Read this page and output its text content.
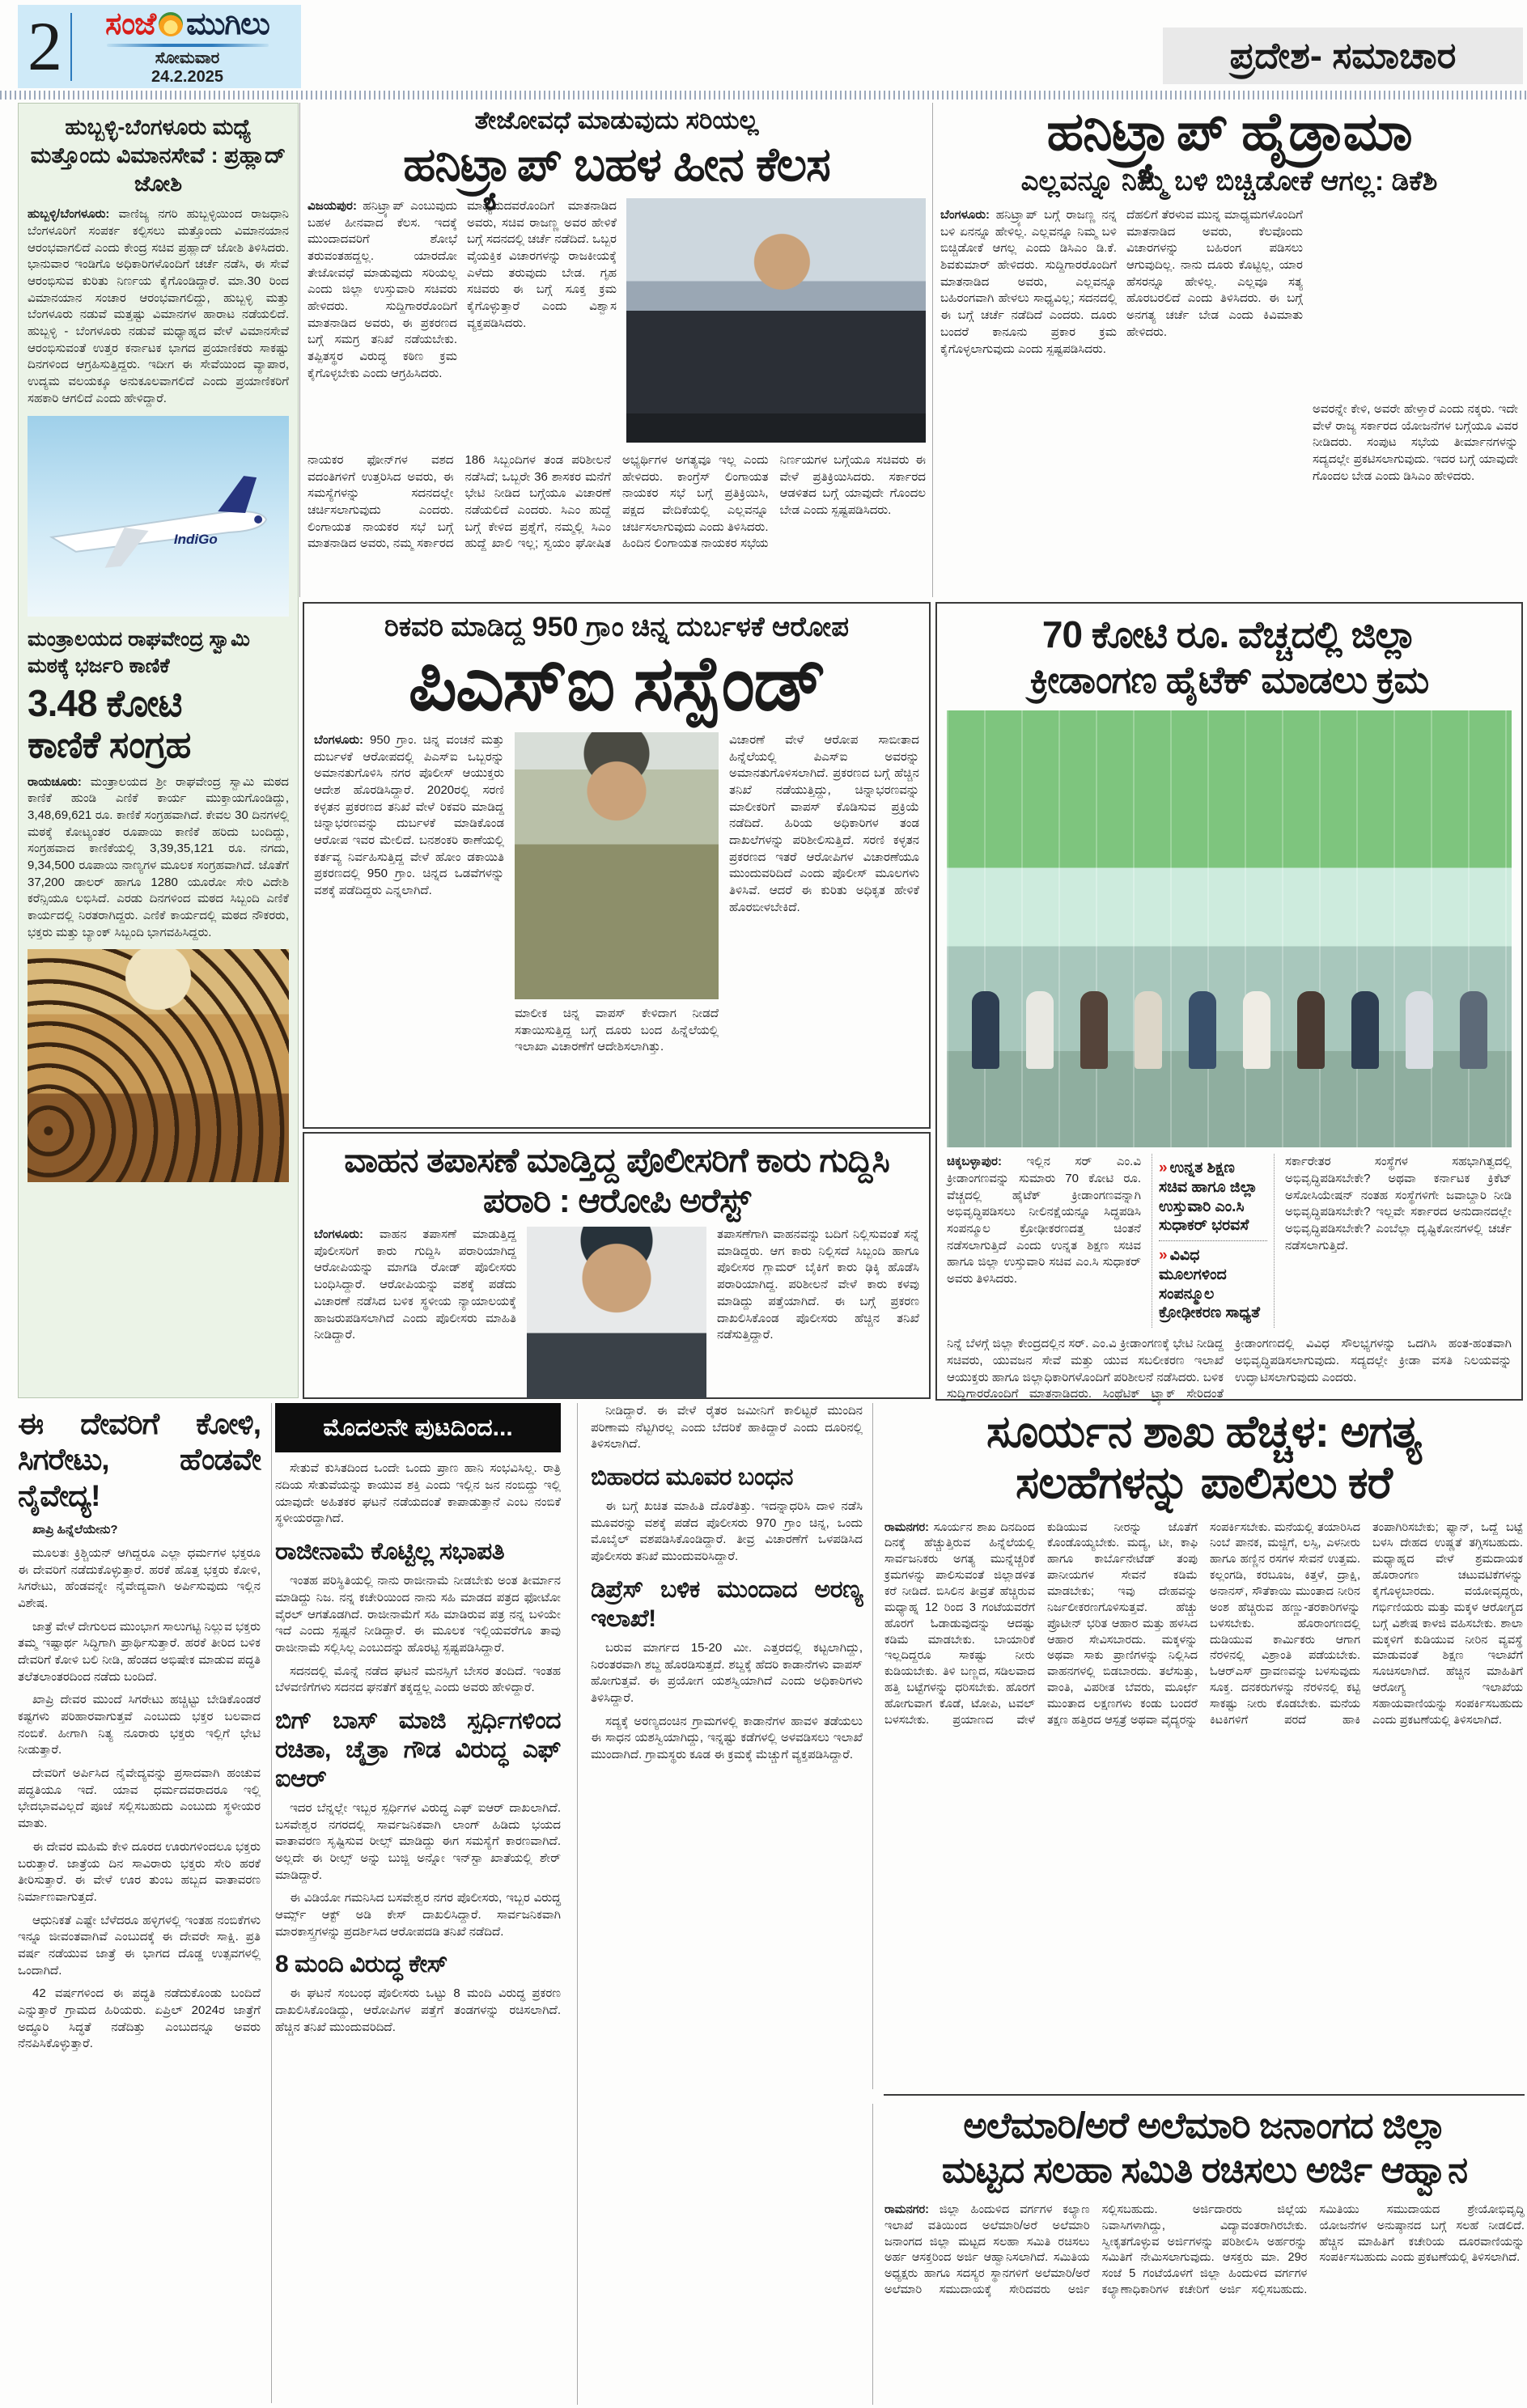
2 ಸಂಜೆ ಮುಗಿಲು
ಸೋಮವಾರ
24.2.2025
ಪ್ರದೇಶ- ಸಮಾಚಾರ
ಹುಬ್ಬಳ್ಳಿ-ಬೆಂಗಳೂರು ಮಧ್ಯೆ ಮತ್ತೊಂದು ವಿಮಾನಸೇವೆ : ಪ್ರಹ್ಲಾದ್ ಜೋಶಿ
ಹುಬ್ಬಳ್ಳಿ/ಬೆಂಗಳೂರು: ವಾಣಿಜ್ಯ ನಗರಿ ಹುಬ್ಬಳ್ಳಿಯಿಂದ ರಾಜಧಾನಿ ಬೆಂಗಳೂರಿಗೆ ಸಂಪರ್ಕ ಕಲ್ಪಿಸಲು ಮತ್ತೊಂದು ವಿಮಾನಯಾನ ಆರಂಭವಾಗಲಿದೆ ಎಂದು ಕೇಂದ್ರ ಸಚಿವ ಪ್ರಹ್ಲಾದ್ ಜೋಶಿ ತಿಳಿಸಿದರು. ಭಾನುವಾರ ಇಂಡಿಗೊ ಅಧಿಕಾರಿಗಳೊಂದಿಗೆ ಚರ್ಚೆ ನಡೆಸಿ, ಈ ಸೇವೆ ಆರಂಭಿಸುವ ಕುರಿತು ನಿರ್ಣಯ ಕೈಗೊಂಡಿದ್ದಾರೆ. ಮಾ.30 ರಿಂದ ವಿಮಾನಯಾನ ಸಂಚಾರ ಆರಂಭವಾಗಲಿದ್ದು, ಹುಬ್ಬಳ್ಳಿ ಮತ್ತು ಬೆಂಗಳೂರು ನಡುವೆ ಮತ್ತಷ್ಟು ವಿಮಾನಗಳ ಹಾರಾಟ ನಡೆಯಲಿದೆ. ಹುಬ್ಬಳ್ಳಿ - ಬೆಂಗಳೂರು ನಡುವೆ ಮಧ್ಯಾಹ್ನದ ವೇಳೆ ವಿಮಾನಸೇವೆ ಆರಂಭಿಸುವಂತೆ ಉತ್ತರ ಕರ್ನಾಟಕ ಭಾಗದ ಪ್ರಯಾಣಿಕರು ಸಾಕಷ್ಟು ದಿನಗಳಿಂದ ಆಗ್ರಹಿಸುತ್ತಿದ್ದರು. ಇದೀಗ ಈ ಸೇವೆಯಿಂದ ವ್ಯಾಪಾರ, ಉದ್ಯಮ ವಲಯಕ್ಕೂ ಅನುಕೂಲವಾಗಲಿದೆ ಎಂದು ಪ್ರಯಾಣಿಕರಿಗೆ ಸಹಕಾರಿ ಆಗಲಿದೆ ಎಂದು ಹೇಳಿದ್ದಾರೆ.
IndiGo
ಮಂತ್ರಾಲಯದ ರಾಘವೇಂದ್ರ ಸ್ವಾಮಿ ಮಠಕ್ಕೆ ಭರ್ಜರಿ ಕಾಣಿಕೆ
3.48 ಕೋಟಿ
ಕಾಣಿಕೆ ಸಂಗ್ರಹ
ರಾಯಚೂರು: ಮಂತ್ರಾಲಯದ ಶ್ರೀ ರಾಘವೇಂದ್ರ ಸ್ವಾಮಿ ಮಠದ ಕಾಣಿಕೆ ಹುಂಡಿ ಎಣಿಕೆ ಕಾರ್ಯ ಮುಕ್ತಾಯಗೊಂಡಿದ್ದು, 3,48,69,621 ರೂ. ಕಾಣಿಕೆ ಸಂಗ್ರಹವಾಗಿದೆ. ಕೇವಲ 30 ದಿನಗಳಲ್ಲಿ ಮಠಕ್ಕೆ ಕೋಟ್ಯಂತರ ರೂಪಾಯಿ ಕಾಣಿಕೆ ಹರಿದು ಬಂದಿದ್ದು, ಸಂಗ್ರಹವಾದ ಕಾಣಿಕೆಯಲ್ಲಿ 3,39,35,121 ರೂ. ನಗದು, 9,34,500 ರೂಪಾಯಿ ನಾಣ್ಯಗಳ ಮೂಲಕ ಸಂಗ್ರಹವಾಗಿದೆ. ಜೊತೆಗೆ 37,200 ಡಾಲರ್ ಹಾಗೂ 1280 ಯೂರೋ ಸೇರಿ ವಿದೇಶಿ ಕರೆನ್ಸಿಯೂ ಲಭಿಸಿದೆ. ಎರಡು ದಿನಗಳಿಂದ ಮಠದ ಸಿಬ್ಬಂದಿ ಎಣಿಕೆ ಕಾರ್ಯದಲ್ಲಿ ನಿರತರಾಗಿದ್ದರು. ಎಣಿಕೆ ಕಾರ್ಯದಲ್ಲಿ ಮಠದ ನೌಕರರು, ಭಕ್ತರು ಮತ್ತು ಬ್ಯಾಂಕ್ ಸಿಬ್ಬಂದಿ ಭಾಗವಹಿಸಿದ್ದರು.
ತೇಜೋವಧೆ ಮಾಡುವುದು ಸರಿಯಲ್ಲ
ಹನಿಟ್ರ್ಯಾಪ್ ಬಹಳ ಹೀನ ಕೆಲಸ
ವಿಜಯಪುರ: ಹನಿಟ್ರ್ಯಾಪ್ ಎಂಬುವುದು ಬಹಳ ಹೀನವಾದ ಕೆಲಸ. ಇದಕ್ಕೆ ಮುಂದಾದವರಿಗೆ ಶೋಭೆ ತರುವಂತಹದ್ದಲ್ಲ. ಯಾರದೋ ತೇಜೋವಧೆ ಮಾಡುವುದು ಸರಿಯಲ್ಲ ಎಂದು ಜಿಲ್ಲಾ ಉಸ್ತುವಾರಿ ಸಚಿವರು ಹೇಳಿದರು. ಸುದ್ದಿಗಾರರೊಂದಿಗೆ ಮಾತನಾಡಿದ ಅವರು, ಈ ಪ್ರಕರಣದ ಬಗ್ಗೆ ಸಮಗ್ರ ತನಿಖೆ ನಡೆಯಬೇಕು. ತಪ್ಪಿತಸ್ಥರ ವಿರುದ್ಧ ಕಠಿಣ ಕ್ರಮ ಕೈಗೊಳ್ಳಬೇಕು ಎಂದು ಆಗ್ರಹಿಸಿದರು.
ಮಾಧ್ಯಮದವರೊಂದಿಗೆ ಮಾತನಾಡಿದ ಅವರು, ಸಚಿವ ರಾಜಣ್ಣ ಅವರ ಹೇಳಿಕೆ ಬಗ್ಗೆ ಸದನದಲ್ಲಿ ಚರ್ಚೆ ನಡೆದಿದೆ. ಒಬ್ಬರ ವೈಯಕ್ತಿಕ ವಿಚಾರಗಳನ್ನು ರಾಜಕೀಯಕ್ಕೆ ಎಳೆದು ತರುವುದು ಬೇಡ. ಗೃಹ ಸಚಿವರು ಈ ಬಗ್ಗೆ ಸೂಕ್ತ ಕ್ರಮ ಕೈಗೊಳ್ಳುತ್ತಾರೆ ಎಂದು ವಿಶ್ವಾಸ ವ್ಯಕ್ತಪಡಿಸಿದರು.
ನಾಯಕರ ಫೋನ್‌ಗಳ ವಶದ ವದಂತಿಗಳಿಗೆ ಉತ್ತರಿಸಿದ ಅವರು, ಈ ಸಮಸ್ಯೆಗಳನ್ನು ಸದನದಲ್ಲೇ ಚರ್ಚಿಸಲಾಗುವುದು ಎಂದರು. ಲಿಂಗಾಯತ ನಾಯಕರ ಸಭೆ ಬಗ್ಗೆ ಮಾತನಾಡಿದ ಅವರು, ನಮ್ಮ ಸರ್ಕಾರದ 186 ಸಿಬ್ಬಂದಿಗಳ ತಂಡ ಪರಿಶೀಲನೆ ನಡೆಸಿದೆ; ಒಬ್ಬರೇ 36 ಶಾಸಕರ ಮನೆಗೆ ಭೇಟಿ ನೀಡಿದ ಬಗ್ಗೆಯೂ ವಿಚಾರಣೆ ನಡೆಯಲಿದೆ ಎಂದರು. ಸಿಎಂ ಹುದ್ದೆ ಬಗ್ಗೆ ಕೇಳಿದ ಪ್ರಶ್ನೆಗೆ, ನಮ್ಮಲ್ಲಿ ಸಿಎಂ ಹುದ್ದೆ ಖಾಲಿ ಇಲ್ಲ; ಸ್ವಯಂ ಘೋಷಿತ ಅಭ್ಯರ್ಥಿಗಳ ಅಗತ್ಯವೂ ಇಲ್ಲ ಎಂದು ಹೇಳಿದರು. ಕಾಂಗ್ರೆಸ್ ಲಿಂಗಾಯತ ನಾಯಕರ ಸಭೆ ಬಗ್ಗೆ ಪ್ರತಿಕ್ರಿಯಿಸಿ, ಪಕ್ಷದ ವೇದಿಕೆಯಲ್ಲಿ ಎಲ್ಲವನ್ನೂ ಚರ್ಚಿಸಲಾಗುವುದು ಎಂದು ತಿಳಿಸಿದರು. ಹಿಂದಿನ ಲಿಂಗಾಯತ ನಾಯಕರ ಸಭೆಯ ನಿರ್ಣಯಗಳ ಬಗ್ಗೆಯೂ ಸಚಿವರು ಈ ವೇಳೆ ಪ್ರತಿಕ್ರಿಯಿಸಿದರು. ಸರ್ಕಾರದ ಆಡಳಿತದ ಬಗ್ಗೆ ಯಾವುದೇ ಗೊಂದಲ ಬೇಡ ಎಂದು ಸ್ಪಷ್ಟಪಡಿಸಿದರು.
ಹನಿಟ್ರ್ಯಾಪ್ ಹೈಡ್ರಾಮಾ
ಎಲ್ಲವನ್ನೂ ನಿಮ್ಮ ಬಳಿ ಬಿಚ್ಚಿಡೋಕೆ ಆಗಲ್ಲ: ಡಿಕೆಶಿ
ಬೆಂಗಳೂರು: ಹನಿಟ್ರ್ಯಾಪ್ ಬಗ್ಗೆ ರಾಜಣ್ಣ ನನ್ನ ಬಳಿ ಏನನ್ನೂ ಹೇಳಿಲ್ಲ. ಎಲ್ಲವನ್ನೂ ನಿಮ್ಮ ಬಳಿ ಬಿಚ್ಚಿಡೋಕೆ ಆಗಲ್ಲ ಎಂದು ಡಿಸಿಎಂ ಡಿ.ಕೆ. ಶಿವಕುಮಾರ್ ಹೇಳಿದರು. ಸುದ್ದಿಗಾರರೊಂದಿಗೆ ಮಾತನಾಡಿದ ಅವರು, ಎಲ್ಲವನ್ನೂ ಬಹಿರಂಗವಾಗಿ ಹೇಳಲು ಸಾಧ್ಯವಿಲ್ಲ; ಸದನದಲ್ಲಿ ಈ ಬಗ್ಗೆ ಚರ್ಚೆ ನಡೆದಿದೆ ಎಂದರು. ದೂರು ಬಂದರೆ ಕಾನೂನು ಪ್ರಕಾರ ಕ್ರಮ ಕೈಗೊಳ್ಳಲಾಗುವುದು ಎಂದು ಸ್ಪಷ್ಟಪಡಿಸಿದರು.
ದೆಹಲಿಗೆ ತೆರಳುವ ಮುನ್ನ ಮಾಧ್ಯಮಗಳೊಂದಿಗೆ ಮಾತನಾಡಿದ ಅವರು, ಕೆಲವೊಂದು ವಿಚಾರಗಳನ್ನು ಬಹಿರಂಗ ಪಡಿಸಲು ಆಗುವುದಿಲ್ಲ. ನಾನು ದೂರು ಕೊಟ್ಟಿಲ್ಲ, ಯಾರ ಹೆಸರನ್ನೂ ಹೇಳಿಲ್ಲ. ಎಲ್ಲವೂ ಸತ್ಯ ಹೊರಬರಲಿದೆ ಎಂದು ತಿಳಿಸಿದರು. ಈ ಬಗ್ಗೆ ಅನಗತ್ಯ ಚರ್ಚೆ ಬೇಡ ಎಂದು ಕಿವಿಮಾತು ಹೇಳಿದರು.
ಅವರನ್ನೇ ಕೇಳಿ, ಅವರೇ ಹೇಳ್ತಾರೆ ಎಂದು ನಕ್ಕರು. ಇದೇ ವೇಳೆ ರಾಜ್ಯ ಸರ್ಕಾರದ ಯೋಜನೆಗಳ ಬಗ್ಗೆಯೂ ವಿವರ ನೀಡಿದರು. ಸಂಪುಟ ಸಭೆಯ ತೀರ್ಮಾನಗಳನ್ನು ಸದ್ಯದಲ್ಲೇ ಪ್ರಕಟಿಸಲಾಗುವುದು. ಇದರ ಬಗ್ಗೆ ಯಾವುದೇ ಗೊಂದಲ ಬೇಡ ಎಂದು ಡಿಸಿಎಂ ಹೇಳಿದರು.
ರಿಕವರಿ ಮಾಡಿದ್ದ 950 ಗ್ರಾಂ ಚಿನ್ನ ದುರ್ಬಳಕೆ ಆರೋಪ
ಪಿಎಸ್ಐ ಸಸ್ಪೆಂಡ್
ಬೆಂಗಳೂರು: 950 ಗ್ರಾಂ. ಚಿನ್ನ ವಂಚನೆ ಮತ್ತು ದುರ್ಬಳಕೆ ಆರೋಪದಲ್ಲಿ ಪಿಎಸ್ಐ ಒಬ್ಬರನ್ನು ಅಮಾನತುಗೊಳಿಸಿ ನಗರ ಪೊಲೀಸ್ ಆಯುಕ್ತರು ಆದೇಶ ಹೊರಡಿಸಿದ್ದಾರೆ. 2020ರಲ್ಲಿ ಸರಣಿ ಕಳ್ಳತನ ಪ್ರಕರಣದ ತನಿಖೆ ವೇಳೆ ರಿಕವರಿ ಮಾಡಿದ್ದ ಚಿನ್ನಾಭರಣವನ್ನು ದುರ್ಬಳಕೆ ಮಾಡಿಕೊಂಡ ಆರೋಪ ಇವರ ಮೇಲಿದೆ. ಬನಶಂಕರಿ ಠಾಣೆಯಲ್ಲಿ ಕರ್ತವ್ಯ ನಿರ್ವಹಿಸುತ್ತಿದ್ದ ವೇಳೆ ಹೋಂ ಡಕಾಯಿತಿ ಪ್ರಕರಣದಲ್ಲಿ 950 ಗ್ರಾಂ. ಚಿನ್ನದ ಒಡವೆಗಳನ್ನು ವಶಕ್ಕೆ ಪಡೆದಿದ್ದರು ಎನ್ನಲಾಗಿದೆ.
ಮಾಲೀಕ ಚಿನ್ನ ವಾಪಸ್ ಕೇಳಿದಾಗ ನೀಡದೆ ಸತಾಯಿಸುತ್ತಿದ್ದ ಬಗ್ಗೆ ದೂರು ಬಂದ ಹಿನ್ನೆಲೆಯಲ್ಲಿ ಇಲಾಖಾ ವಿಚಾರಣೆಗೆ ಆದೇಶಿಸಲಾಗಿತ್ತು.
ವಿಚಾರಣೆ ವೇಳೆ ಆರೋಪ ಸಾಬೀತಾದ ಹಿನ್ನೆಲೆಯಲ್ಲಿ ಪಿಎಸ್ಐ ಅವರನ್ನು ಅಮಾನತುಗೊಳಿಸಲಾಗಿದೆ. ಪ್ರಕರಣದ ಬಗ್ಗೆ ಹೆಚ್ಚಿನ ತನಿಖೆ ನಡೆಯುತ್ತಿದ್ದು, ಚಿನ್ನಾಭರಣವನ್ನು ಮಾಲೀಕರಿಗೆ ವಾಪಸ್ ಕೊಡಿಸುವ ಪ್ರಕ್ರಿಯೆ ನಡೆದಿದೆ. ಹಿರಿಯ ಅಧಿಕಾರಿಗಳ ತಂಡ ದಾಖಲೆಗಳನ್ನು ಪರಿಶೀಲಿಸುತ್ತಿದೆ. ಸರಣಿ ಕಳ್ಳತನ ಪ್ರಕರಣದ ಇತರೆ ಆರೋಪಿಗಳ ವಿಚಾರಣೆಯೂ ಮುಂದುವರಿದಿದೆ ಎಂದು ಪೊಲೀಸ್ ಮೂಲಗಳು ತಿಳಿಸಿವೆ. ಆದರೆ ಈ ಕುರಿತು ಅಧಿಕೃತ ಹೇಳಿಕೆ ಹೊರಬೀಳಬೇಕಿದೆ.
70 ಕೋಟಿ ರೂ. ವೆಚ್ಚದಲ್ಲಿ ಜಿಲ್ಲಾ
ಕ್ರೀಡಾಂಗಣ ಹೈಟೆಕ್ ಮಾಡಲು ಕ್ರಮ
ಚಿಕ್ಕಬಳ್ಳಾಪುರ: ಇಲ್ಲಿನ ಸರ್ ಎಂ.ವಿ ಕ್ರೀಡಾಂಗಣವನ್ನು ಸುಮಾರು 70 ಕೋಟಿ ರೂ. ವೆಚ್ಚದಲ್ಲಿ ಹೈಟೆಕ್ ಕ್ರೀಡಾಂಗಣವನ್ನಾಗಿ ಅಭಿವೃದ್ಧಿಪಡಿಸಲು ನೀಲಿನಕ್ಷೆಯನ್ನೂ ಸಿದ್ಧಪಡಿಸಿ ಸಂಪನ್ಮೂಲ ಕ್ರೋಢೀಕರಣದತ್ತ ಚಿಂತನೆ ನಡೆಸಲಾಗುತ್ತಿದೆ ಎಂದು ಉನ್ನತ ಶಿಕ್ಷಣ ಸಚಿವ ಹಾಗೂ ಜಿಲ್ಲಾ ಉಸ್ತುವಾರಿ ಸಚಿವ ಎಂ.ಸಿ ಸುಧಾಕರ್ ಅವರು ತಿಳಿಸಿದರು.
» ಉನ್ನತ ಶಿಕ್ಷಣ ಸಚಿವ ಹಾಗೂ ಜಿಲ್ಲಾ ಉಸ್ತುವಾರಿ ಎಂ.ಸಿ ಸುಧಾಕರ್ ಭರವಸೆ
» ವಿವಿಧ ಮೂಲಗಳಿಂದ ಸಂಪನ್ಮೂಲ ಕ್ರೋಢೀಕರಣ ಸಾಧ್ಯತೆ
ಸರ್ಕಾರೇತರ ಸಂಸ್ಥೆಗಳ ಸಹಭಾಗಿತ್ವದಲ್ಲಿ ಅಭಿವೃದ್ಧಿಪಡಿಸಬೇಕೇ? ಅಥವಾ ಕರ್ನಾಟಕ ಕ್ರಿಕೆಟ್ ಅಸೋಸಿಯೇಷನ್ ನಂತಹ ಸಂಸ್ಥೆಗಳಿಗೇ ಜವಾಬ್ದಾರಿ ನೀಡಿ ಅಭಿವೃದ್ಧಿಪಡಿಸಬೇಕೇ? ಇಲ್ಲವೇ ಸರ್ಕಾರದ ಅನುದಾನದಲ್ಲೇ ಅಭಿವೃದ್ಧಿಪಡಿಸಬೇಕೇ? ಎಂಬೆಲ್ಲಾ ದೃಷ್ಟಿಕೋನಗಳಲ್ಲಿ ಚರ್ಚೆ ನಡೆಸಲಾಗುತ್ತಿದೆ.
ನಿನ್ನೆ ಬೆಳಗ್ಗೆ ಜಿಲ್ಲಾ ಕೇಂದ್ರದಲ್ಲಿನ ಸರ್. ಎಂ.ವಿ ಕ್ರೀಡಾಂಗಣಕ್ಕೆ ಭೇಟಿ ನೀಡಿದ್ದ ಸಚಿವರು, ಯುವಜನ ಸೇವೆ ಮತ್ತು ಯುವ ಸಬಲೀಕರಣ ಇಲಾಖೆ ಆಯುಕ್ತರು ಹಾಗೂ ಜಿಲ್ಲಾಧಿಕಾರಿಗಳೊಂದಿಗೆ ಪರಿಶೀಲನೆ ನಡೆಸಿದರು. ಬಳಿಕ ಸುದ್ದಿಗಾರರೊಂದಿಗೆ ಮಾತನಾಡಿದರು. ಸಿಂಥೆಟಿಕ್ ಟ್ರ್ಯಾಕ್ ಸೇರಿದಂತೆ ಕ್ರೀಡಾಂಗಣದಲ್ಲಿ ವಿವಿಧ ಸೌಲಭ್ಯಗಳನ್ನು ಒದಗಿಸಿ ಹಂತ-ಹಂತವಾಗಿ ಅಭಿವೃದ್ಧಿಪಡಿಸಲಾಗುವುದು. ಸದ್ಯದಲ್ಲೇ ಕ್ರೀಡಾ ವಸತಿ ನಿಲಯವನ್ನು ಉದ್ಘಾಟಿಸಲಾಗುವುದು ಎಂದರು.
ವಾಹನ ತಪಾಸಣೆ ಮಾಡ್ತಿದ್ದ ಪೊಲೀಸರಿಗೆ ಕಾರು ಗುದ್ದಿಸಿ ಪರಾರಿ : ಆರೋಪಿ ಅರೆಸ್ಟ್
ಬೆಂಗಳೂರು: ವಾಹನ ತಪಾಸಣೆ ಮಾಡುತ್ತಿದ್ದ ಪೊಲೀಸರಿಗೆ ಕಾರು ಗುದ್ದಿಸಿ ಪರಾರಿಯಾಗಿದ್ದ ಆರೋಪಿಯನ್ನು ಮಾಗಡಿ ರೋಡ್ ಪೊಲೀಸರು ಬಂಧಿಸಿದ್ದಾರೆ. ಆರೋಪಿಯನ್ನು ವಶಕ್ಕೆ ಪಡೆದು ವಿಚಾರಣೆ ನಡೆಸಿದ ಬಳಿಕ ಸ್ಥಳೀಯ ನ್ಯಾಯಾಲಯಕ್ಕೆ ಹಾಜರುಪಡಿಸಲಾಗಿದೆ ಎಂದು ಪೊಲೀಸರು ಮಾಹಿತಿ ನೀಡಿದ್ದಾರೆ.
ತಪಾಸಣೆಗಾಗಿ ವಾಹನವನ್ನು ಬದಿಗೆ ನಿಲ್ಲಿಸುವಂತೆ ಸನ್ನೆ ಮಾಡಿದ್ದರು. ಆಗ ಕಾರು ನಿಲ್ಲಿಸದೆ ಸಿಬ್ಬಂದಿ ಹಾಗೂ ಪೊಲೀಸರ ಗ್ಲಾಮರ್ ಬೈಕಿಗೆ ಕಾರು ಢಿಕ್ಕಿ ಹೊಡೆಸಿ ಪರಾರಿಯಾಗಿದ್ದ. ಪರಿಶೀಲನೆ ವೇಳೆ ಕಾರು ಕಳವು ಮಾಡಿದ್ದು ಪತ್ತೆಯಾಗಿದೆ. ಈ ಬಗ್ಗೆ ಪ್ರಕರಣ ದಾಖಲಿಸಿಕೊಂಡ ಪೊಲೀಸರು ಹೆಚ್ಚಿನ ತನಿಖೆ ನಡೆಸುತ್ತಿದ್ದಾರೆ.
ಈ ದೇವರಿಗೆ ಕೋಳಿ, ಸಿಗರೇಟು, ಹೆಂಡವೇ ನೈವೇದ್ಯ!

ಖಾಪ್ರಿ ಹಿನ್ನೆಲೆಯೇನು?

ಮೂಲತಃ ಕ್ರಿಶ್ಚಿಯನ್ ಆಗಿದ್ದರೂ ಎಲ್ಲಾ ಧರ್ಮಗಳ ಭಕ್ತರೂ ಈ ದೇವರಿಗೆ ನಡೆದುಕೊಳ್ಳುತ್ತಾರೆ. ಹರಕೆ ಹೊತ್ತ ಭಕ್ತರು ಕೋಳಿ, ಸಿಗರೇಟು, ಹೆಂಡವನ್ನೇ ನೈವೇದ್ಯವಾಗಿ ಅರ್ಪಿಸುವುದು ಇಲ್ಲಿನ ವಿಶೇಷ.

ಜಾತ್ರೆ ವೇಳೆ ದೇಗುಲದ ಮುಂಭಾಗ ಸಾಲುಗಟ್ಟಿ ನಿಲ್ಲುವ ಭಕ್ತರು ತಮ್ಮ ಇಷ್ಟಾರ್ಥ ಸಿದ್ಧಿಗಾಗಿ ಪ್ರಾರ್ಥಿಸುತ್ತಾರೆ. ಹರಕೆ ತೀರಿದ ಬಳಿಕ ದೇವರಿಗೆ ಕೋಳಿ ಬಲಿ ನೀಡಿ, ಹೆಂಡದ ಅಭಿಷೇಕ ಮಾಡುವ ಪದ್ಧತಿ ತಲೆತಲಾಂತರದಿಂದ ನಡೆದು ಬಂದಿದೆ.

ಖಾಪ್ರಿ ದೇವರ ಮುಂದೆ ಸಿಗರೇಟು ಹಚ್ಚಿಟ್ಟು ಬೇಡಿಕೊಂಡರೆ ಕಷ್ಟಗಳು ಪರಿಹಾರವಾಗುತ್ತವೆ ಎಂಬುದು ಭಕ್ತರ ಬಲವಾದ ನಂಬಿಕೆ. ಹೀಗಾಗಿ ನಿತ್ಯ ನೂರಾರು ಭಕ್ತರು ಇಲ್ಲಿಗೆ ಭೇಟಿ ನೀಡುತ್ತಾರೆ.

ದೇವರಿಗೆ ಅರ್ಪಿಸಿದ ನೈವೇದ್ಯವನ್ನು ಪ್ರಸಾದವಾಗಿ ಹಂಚುವ ಪದ್ಧತಿಯೂ ಇದೆ. ಯಾವ ಧರ್ಮದವರಾದರೂ ಇಲ್ಲಿ ಭೇದಭಾವವಿಲ್ಲದೆ ಪೂಜೆ ಸಲ್ಲಿಸಬಹುದು ಎಂಬುದು ಸ್ಥಳೀಯರ ಮಾತು.

ಈ ದೇವರ ಮಹಿಮೆ ಕೇಳಿ ದೂರದ ಊರುಗಳಿಂದಲೂ ಭಕ್ತರು ಬರುತ್ತಾರೆ. ಜಾತ್ರೆಯ ದಿನ ಸಾವಿರಾರು ಭಕ್ತರು ಸೇರಿ ಹರಕೆ ತೀರಿಸುತ್ತಾರೆ. ಈ ವೇಳೆ ಊರ ತುಂಬ ಹಬ್ಬದ ವಾತಾವರಣ ನಿರ್ಮಾಣವಾಗುತ್ತದೆ.

ಆಧುನಿಕತೆ ಎಷ್ಟೇ ಬೆಳೆದರೂ ಹಳ್ಳಿಗಳಲ್ಲಿ ಇಂತಹ ನಂಬಿಕೆಗಳು ಇನ್ನೂ ಜೀವಂತವಾಗಿವೆ ಎಂಬುದಕ್ಕೆ ಈ ದೇವರೇ ಸಾಕ್ಷಿ. ಪ್ರತಿ ವರ್ಷ ನಡೆಯುವ ಜಾತ್ರೆ ಈ ಭಾಗದ ದೊಡ್ಡ ಉತ್ಸವಗಳಲ್ಲಿ ಒಂದಾಗಿದೆ.

42 ವರ್ಷಗಳಿಂದ ಈ ಪದ್ಧತಿ ನಡೆದುಕೊಂಡು ಬಂದಿದೆ ಎನ್ನುತ್ತಾರೆ ಗ್ರಾಮದ ಹಿರಿಯರು. ಏಪ್ರಿಲ್ 2024ರ ಜಾತ್ರೆಗೆ ಅದ್ಧೂರಿ ಸಿದ್ಧತೆ ನಡೆದಿತ್ತು ಎಂಬುದನ್ನೂ ಅವರು ನೆನಪಿಸಿಕೊಳ್ಳುತ್ತಾರೆ.

ಮೊದಲನೇ ಪುಟದಿಂದ...

ಸೇತುವೆ ಕುಸಿತದಿಂದ ಒಂದೇ ಒಂದು ಪ್ರಾಣ ಹಾನಿ ಸಂಭವಿಸಿಲ್ಲ. ರಾತ್ರಿ ನದಿಯ ಸೇತುವೆಯನ್ನು ಕಾಯುವ ಶಕ್ತಿ ಎಂದು ಇಲ್ಲಿನ ಜನ ನಂಬಿದ್ದು ಇಲ್ಲಿ ಯಾವುದೇ ಅಹಿತಕರ ಘಟನೆ ನಡೆಯದಂತೆ ಕಾಪಾಡುತ್ತಾನೆ ಎಂಬ ನಂಬಿಕೆ ಸ್ಥಳೀಯರದ್ದಾಗಿದೆ.

ರಾಜೀನಾಮೆ ಕೊಟ್ಟಿಲ್ಲ ಸಭಾಪತಿ

ಇಂತಹ ಪರಿಸ್ಥಿತಿಯಲ್ಲಿ ನಾನು ರಾಜೀನಾಮೆ ನೀಡಬೇಕು ಅಂತ ತೀರ್ಮಾನ ಮಾಡಿದ್ದು ನಿಜ. ನನ್ನ ಕಚೇರಿಯಿಂದ ನಾನು ಸಹಿ ಮಾಡದ ಪತ್ರದ ಫೋಟೋ ವೈರಲ್ ಆಗತೊಡಗಿದೆ. ರಾಜೀನಾಮೆಗೆ ಸಹಿ ಮಾಡಿರುವ ಪತ್ರ ನನ್ನ ಬಳಿಯೇ ಇದೆ ಎಂದು ಸ್ಪಷ್ಟನೆ ನೀಡಿದ್ದಾರೆ. ಈ ಮೂಲಕ ಇಲ್ಲಿಯವರೆಗೂ ತಾವು ರಾಜೀನಾಮೆ ಸಲ್ಲಿಸಿಲ್ಲ ಎಂಬುದನ್ನು ಹೊರಟ್ಟಿ ಸ್ಪಷ್ಟಪಡಿಸಿದ್ದಾರೆ.

ಸದನದಲ್ಲಿ ಮೊನ್ನೆ ನಡೆದ ಘಟನೆ ಮನಸ್ಸಿಗೆ ಬೇಸರ ತಂದಿದೆ. ಇಂತಹ ಬೆಳವಣಿಗೆಗಳು ಸದನದ ಘನತೆಗೆ ತಕ್ಕದ್ದಲ್ಲ ಎಂದು ಅವರು ಹೇಳಿದ್ದಾರೆ.

ಬಿಗ್ ಬಾಸ್ ಮಾಜಿ ಸ್ಪರ್ಧಿಗಳಿಂದ ರಚಿತಾ, ಚೈತ್ರಾ ಗೌಡ ವಿರುದ್ಧ ಎಫ್ ಐಆರ್

ಇದರ ಬೆನ್ನಲ್ಲೇ ಇಬ್ಬರ ಸ್ಪರ್ಧಿಗಳ ವಿರುದ್ಧ ಎಫ್ ಐಆರ್ ದಾಖಲಾಗಿದೆ. ಬಸವೇಶ್ವರ ನಗರದಲ್ಲಿ ಸಾರ್ವಜನಿಕವಾಗಿ ಲಾಂಗ್ ಹಿಡಿದು ಭಯದ ವಾತಾವರಣ ಸೃಷ್ಟಿಸುವ ರೀಲ್ಸ್ ಮಾಡಿದ್ದು ಈಗ ಸಮಸ್ಯೆಗೆ ಕಾರಣವಾಗಿದೆ. ಅಲ್ಲದೇ ಈ ರೀಲ್ಸ್ ಅನ್ನು ಬುಜ್ಜಿ ಅನ್ನೋ ಇನ್‌ಸ್ಟಾ ಖಾತೆಯಲ್ಲಿ ಶೇರ್ ಮಾಡಿದ್ದಾರೆ.

ಈ ವಿಡಿಯೋ ಗಮನಿಸಿದ ಬಸವೇಶ್ವರ ನಗರ ಪೊಲೀಸರು, ಇಬ್ಬರ ವಿರುದ್ಧ ಆರ್ಮ್ಸ್ ಆಕ್ಟ್ ಅಡಿ ಕೇಸ್ ದಾಖಲಿಸಿದ್ದಾರೆ. ಸಾರ್ವಜನಿಕವಾಗಿ ಮಾರಕಾಸ್ತ್ರಗಳನ್ನು ಪ್ರದರ್ಶಿಸಿದ ಆರೋಪದಡಿ ತನಿಖೆ ನಡೆದಿದೆ.

8 ಮಂದಿ ವಿರುದ್ಧ ಕೇಸ್

ಈ ಘಟನೆ ಸಂಬಂಧ ಪೊಲೀಸರು ಒಟ್ಟು 8 ಮಂದಿ ವಿರುದ್ಧ ಪ್ರಕರಣ ದಾಖಲಿಸಿಕೊಂಡಿದ್ದು, ಆರೋಪಿಗಳ ಪತ್ತೆಗೆ ತಂಡಗಳನ್ನು ರಚಿಸಲಾಗಿದೆ. ಹೆಚ್ಚಿನ ತನಿಖೆ ಮುಂದುವರಿದಿದೆ.

ನೀಡಿದ್ದಾರೆ. ಈ ವೇಳೆ ರೈತರ ಜಮೀನಿಗೆ ಕಾಲಿಟ್ಟರೆ ಮುಂದಿನ ಪರಿಣಾಮ ನೆಟ್ಟಗಿರಲ್ಲ ಎಂದು ಬೆದರಿಕೆ ಹಾಕಿದ್ದಾರೆ ಎಂದು ದೂರಿನಲ್ಲಿ ತಿಳಿಸಲಾಗಿದೆ.

ಬಿಹಾರದ ಮೂವರ ಬಂಧನ

ಈ ಬಗ್ಗೆ ಖಚಿತ ಮಾಹಿತಿ ದೊರೆತಿತ್ತು. ಇದನ್ನಾಧರಿಸಿ ದಾಳಿ ನಡೆಸಿ ಮೂವರನ್ನು ವಶಕ್ಕೆ ಪಡೆದ ಪೊಲೀಸರು 970 ಗ್ರಾಂ ಚಿನ್ನ, ಒಂದು ಮೊಬೈಲ್ ವಶಪಡಿಸಿಕೊಂಡಿದ್ದಾರೆ. ತೀವ್ರ ವಿಚಾರಣೆಗೆ ಒಳಪಡಿಸಿದ ಪೊಲೀಸರು ತನಿಖೆ ಮುಂದುವರಿಸಿದ್ದಾರೆ.

ಡಿಪ್ರೆಸ್ ಬಳಿಕ ಮುಂದಾದ ಅರಣ್ಯ ಇಲಾಖೆ!

ಬರುವ ಮಾರ್ಗದ 15-20 ಮೀ. ಎತ್ತರದಲ್ಲಿ ಕಟ್ಟಲಾಗಿದ್ದು, ನಿರಂತರವಾಗಿ ಶಬ್ದ ಹೊರಡಿಸುತ್ತದೆ. ಶಬ್ದಕ್ಕೆ ಹೆದರಿ ಕಾಡಾನೆಗಳು ವಾಪಸ್ ಹೋಗುತ್ತವೆ. ಈ ಪ್ರಯೋಗ ಯಶಸ್ವಿಯಾಗಿದೆ ಎಂದು ಅಧಿಕಾರಿಗಳು ತಿಳಿಸಿದ್ದಾರೆ.

ಸದ್ಯಕ್ಕೆ ಅರಣ್ಯದಂಚಿನ ಗ್ರಾಮಗಳಲ್ಲಿ ಕಾಡಾನೆಗಳ ಹಾವಳಿ ತಡೆಯಲು ಈ ಸಾಧನ ಯಶಸ್ವಿಯಾಗಿದ್ದು, ಇನ್ನಷ್ಟು ಕಡೆಗಳಲ್ಲಿ ಅಳವಡಿಸಲು ಇಲಾಖೆ ಮುಂದಾಗಿದೆ. ಗ್ರಾಮಸ್ಥರು ಕೂಡ ಈ ಕ್ರಮಕ್ಕೆ ಮೆಚ್ಚುಗೆ ವ್ಯಕ್ತಪಡಿಸಿದ್ದಾರೆ.

ಸೂರ್ಯನ ಶಾಖ ಹೆಚ್ಚಳ: ಅಗತ್ಯ
ಸಲಹೆಗಳನ್ನು ಪಾಲಿಸಲು ಕರೆ
ರಾಮನಗರ: ಸೂರ್ಯನ ಶಾಖ ದಿನದಿಂದ ದಿನಕ್ಕೆ ಹೆಚ್ಚುತ್ತಿರುವ ಹಿನ್ನೆಲೆಯಲ್ಲಿ ಸಾರ್ವಜನಿಕರು ಅಗತ್ಯ ಮುನ್ನೆಚ್ಚರಿಕೆ ಕ್ರಮಗಳನ್ನು ಪಾಲಿಸುವಂತೆ ಜಿಲ್ಲಾಡಳಿತ ಕರೆ ನೀಡಿದೆ. ಬಿಸಿಲಿನ ತೀವ್ರತೆ ಹೆಚ್ಚಿರುವ ಮಧ್ಯಾಹ್ನ 12 ರಿಂದ 3 ಗಂಟೆಯವರೆಗೆ ಹೊರಗೆ ಓಡಾಡುವುದನ್ನು ಆದಷ್ಟು ಕಡಿಮೆ ಮಾಡಬೇಕು. ಬಾಯಾರಿಕೆ ಇಲ್ಲದಿದ್ದರೂ ಸಾಕಷ್ಟು ನೀರು ಕುಡಿಯಬೇಕು. ತಿಳಿ ಬಣ್ಣದ, ಸಡಿಲವಾದ ಹತ್ತಿ ಬಟ್ಟೆಗಳನ್ನು ಧರಿಸಬೇಕು. ಹೊರಗೆ ಹೋಗುವಾಗ ಕೊಡೆ, ಟೋಪಿ, ಟವಲ್ ಬಳಸಬೇಕು. ಪ್ರಯಾಣದ ವೇಳೆ ಕುಡಿಯುವ ನೀರನ್ನು ಜೊತೆಗೆ ಕೊಂಡೊಯ್ಯಬೇಕು. ಮದ್ಯ, ಟೀ, ಕಾಫಿ ಹಾಗೂ ಕಾರ್ಬೊನೇಟೆಡ್ ತಂಪು ಪಾನೀಯಗಳ ಸೇವನೆ ಕಡಿಮೆ ಮಾಡಬೇಕು; ಇವು ದೇಹವನ್ನು ನಿರ್ಜಲೀಕರಣಗೊಳಿಸುತ್ತವೆ. ಹೆಚ್ಚು ಪ್ರೊಟೀನ್ ಭರಿತ ಆಹಾರ ಮತ್ತು ಹಳಸಿದ ಆಹಾರ ಸೇವಿಸಬಾರದು. ಮಕ್ಕಳನ್ನು ಅಥವಾ ಸಾಕು ಪ್ರಾಣಿಗಳನ್ನು ನಿಲ್ಲಿಸಿದ ವಾಹನಗಳಲ್ಲಿ ಬಿಡಬಾರದು. ತಲೆಸುತ್ತು, ವಾಂತಿ, ವಿಪರೀತ ಬೆವರು, ಮೂರ್ಛೆ ಮುಂತಾದ ಲಕ್ಷಣಗಳು ಕಂಡು ಬಂದರೆ ತಕ್ಷಣ ಹತ್ತಿರದ ಆಸ್ಪತ್ರೆ ಅಥವಾ ವೈದ್ಯರನ್ನು ಸಂಪರ್ಕಿಸಬೇಕು. ಮನೆಯಲ್ಲಿ ತಯಾರಿಸಿದ ನಿಂಬೆ ಪಾನಕ, ಮಜ್ಜಿಗೆ, ಲಸ್ಸಿ, ಎಳನೀರು ಹಾಗೂ ಹಣ್ಣಿನ ರಸಗಳ ಸೇವನೆ ಉತ್ತಮ. ಕಲ್ಲಂಗಡಿ, ಕರಬೂಜ, ಕಿತ್ತಳೆ, ದ್ರಾಕ್ಷಿ, ಅನಾನಸ್, ಸೌತೆಕಾಯಿ ಮುಂತಾದ ನೀರಿನ ಅಂಶ ಹೆಚ್ಚಿರುವ ಹಣ್ಣು-ತರಕಾರಿಗಳನ್ನು ಬಳಸಬೇಕು. ಹೊರಾಂಗಣದಲ್ಲಿ ದುಡಿಯುವ ಕಾರ್ಮಿಕರು ಆಗಾಗ ನೆರಳಿನಲ್ಲಿ ವಿಶ್ರಾಂತಿ ಪಡೆಯಬೇಕು. ಓಆರ್‌ಎಸ್ ದ್ರಾವಣವನ್ನು ಬಳಸುವುದು ಸೂಕ್ತ. ದನಕರುಗಳನ್ನು ನೆರಳಿನಲ್ಲಿ ಕಟ್ಟಿ ಸಾಕಷ್ಟು ನೀರು ಕೊಡಬೇಕು. ಮನೆಯ ಕಿಟಕಿಗಳಿಗೆ ಪರದೆ ಹಾಕಿ ತಂಪಾಗಿರಿಸಬೇಕು; ಫ್ಯಾನ್, ಒದ್ದೆ ಬಟ್ಟೆ ಬಳಸಿ ದೇಹದ ಉಷ್ಣತೆ ತಗ್ಗಿಸಬಹುದು. ಮಧ್ಯಾಹ್ನದ ವೇಳೆ ಶ್ರಮದಾಯಕ ಹೊರಾಂಗಣ ಚಟುವಟಿಕೆಗಳನ್ನು ಕೈಗೊಳ್ಳಬಾರದು. ವಯೋವೃದ್ಧರು, ಗರ್ಭಿಣಿಯರು ಮತ್ತು ಮಕ್ಕಳ ಆರೋಗ್ಯದ ಬಗ್ಗೆ ವಿಶೇಷ ಕಾಳಜಿ ವಹಿಸಬೇಕು. ಶಾಲಾ ಮಕ್ಕಳಿಗೆ ಕುಡಿಯುವ ನೀರಿನ ವ್ಯವಸ್ಥೆ ಮಾಡುವಂತೆ ಶಿಕ್ಷಣ ಇಲಾಖೆಗೆ ಸೂಚಿಸಲಾಗಿದೆ. ಹೆಚ್ಚಿನ ಮಾಹಿತಿಗೆ ಆರೋಗ್ಯ ಇಲಾಖೆಯ ಸಹಾಯವಾಣಿಯನ್ನು ಸಂಪರ್ಕಿಸಬಹುದು ಎಂದು ಪ್ರಕಟಣೆಯಲ್ಲಿ ತಿಳಿಸಲಾಗಿದೆ.
ಅಲೆಮಾರಿ/ಅರೆ ಅಲೆಮಾರಿ ಜನಾಂಗದ ಜಿಲ್ಲಾ
ಮಟ್ಟದ ಸಲಹಾ ಸಮಿತಿ ರಚಿಸಲು ಅರ್ಜಿ ಆಹ್ವಾನ
ರಾಮನಗರ: ಜಿಲ್ಲಾ ಹಿಂದುಳಿದ ವರ್ಗಗಳ ಕಲ್ಯಾಣ ಇಲಾಖೆ ವತಿಯಿಂದ ಅಲೆಮಾರಿ/ಅರೆ ಅಲೆಮಾರಿ ಜನಾಂಗದ ಜಿಲ್ಲಾ ಮಟ್ಟದ ಸಲಹಾ ಸಮಿತಿ ರಚಿಸಲು ಅರ್ಹ ಆಸಕ್ತರಿಂದ ಅರ್ಜಿ ಆಹ್ವಾನಿಸಲಾಗಿದೆ. ಸಮಿತಿಯ ಅಧ್ಯಕ್ಷರು ಹಾಗೂ ಸದಸ್ಯರ ಸ್ಥಾನಗಳಿಗೆ ಅಲೆಮಾರಿ/ಅರೆ ಅಲೆಮಾರಿ ಸಮುದಾಯಕ್ಕೆ ಸೇರಿದವರು ಅರ್ಜಿ ಸಲ್ಲಿಸಬಹುದು. ಅರ್ಜಿದಾರರು ಜಿಲ್ಲೆಯ ನಿವಾಸಿಗಳಾಗಿದ್ದು, ವಿದ್ಯಾವಂತರಾಗಿರಬೇಕು. ಸ್ವೀಕೃತಗೊಳ್ಳುವ ಅರ್ಜಿಗಳನ್ನು ಪರಿಶೀಲಿಸಿ ಅರ್ಹರನ್ನು ಸಮಿತಿಗೆ ನೇಮಿಸಲಾಗುವುದು. ಆಸಕ್ತರು ಮಾ. 29ರ ಸಂಜೆ 5 ಗಂಟೆಯೊಳಗೆ ಜಿಲ್ಲಾ ಹಿಂದುಳಿದ ವರ್ಗಗಳ ಕಲ್ಯಾಣಾಧಿಕಾರಿಗಳ ಕಚೇರಿಗೆ ಅರ್ಜಿ ಸಲ್ಲಿಸಬಹುದು. ಸಮಿತಿಯು ಸಮುದಾಯದ ಶ್ರೇಯೋಭಿವೃದ್ಧಿ ಯೋಜನೆಗಳ ಅನುಷ್ಠಾನದ ಬಗ್ಗೆ ಸಲಹೆ ನೀಡಲಿದೆ. ಹೆಚ್ಚಿನ ಮಾಹಿತಿಗೆ ಕಚೇರಿಯ ದೂರವಾಣಿಯನ್ನು ಸಂಪರ್ಕಿಸಬಹುದು ಎಂದು ಪ್ರಕಟಣೆಯಲ್ಲಿ ತಿಳಿಸಲಾಗಿದೆ.
